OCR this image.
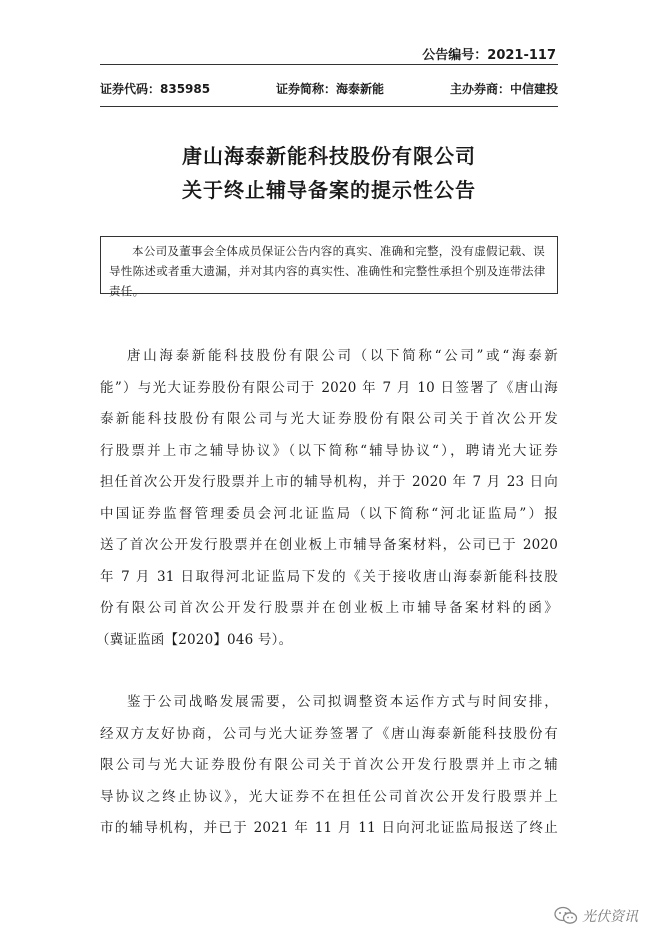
公告编号：2021-117
证券代码：835985	证券简称：海泰新能	主办券商：中信建投
唐山海泰新能科技股份有限公司
关于终止辅导备案的提示性公告
本公司及董事会全体成员保证公告内容的真实、准确和完整，没有虚假记载、误导性陈述或者重大遗漏，并对其内容的真实性、准确性和完整性承担个别及连带法律责任。
唐山海泰新能科技股份有限公司（以下简称“公司”或“海泰新
能”）与光大证券股份有限公司于 2020 年 7 月 10 日签署了《唐山海
泰新能科技股份有限公司与光大证券股份有限公司关于首次公开发
行股票并上市之辅导协议》（以下简称“辅导协议“），聘请光大证券
担任首次公开发行股票并上市的辅导机构，并于 2020 年 7 月 23 日向
中国证券监督管理委员会河北证监局（以下简称“河北证监局”）报
送了首次公开发行股票并在创业板上市辅导备案材料，公司已于 2020
年 7 月 31 日取得河北证监局下发的《关于接收唐山海泰新能科技股
份有限公司首次公开发行股票并在创业板上市辅导备案材料的函》
（冀证监函【2020】046 号）。
鉴于公司战略发展需要，公司拟调整资本运作方式与时间安排，
经双方友好协商，公司与光大证券签署了《唐山海泰新能科技股份有
限公司与光大证券股份有限公司关于首次公开发行股票并上市之辅
导协议之终止协议》，光大证券不在担任公司首次公开发行股票并上
市的辅导机构，并已于 2021 年 11 月 11 日向河北证监局报送了终止
光伏资讯
